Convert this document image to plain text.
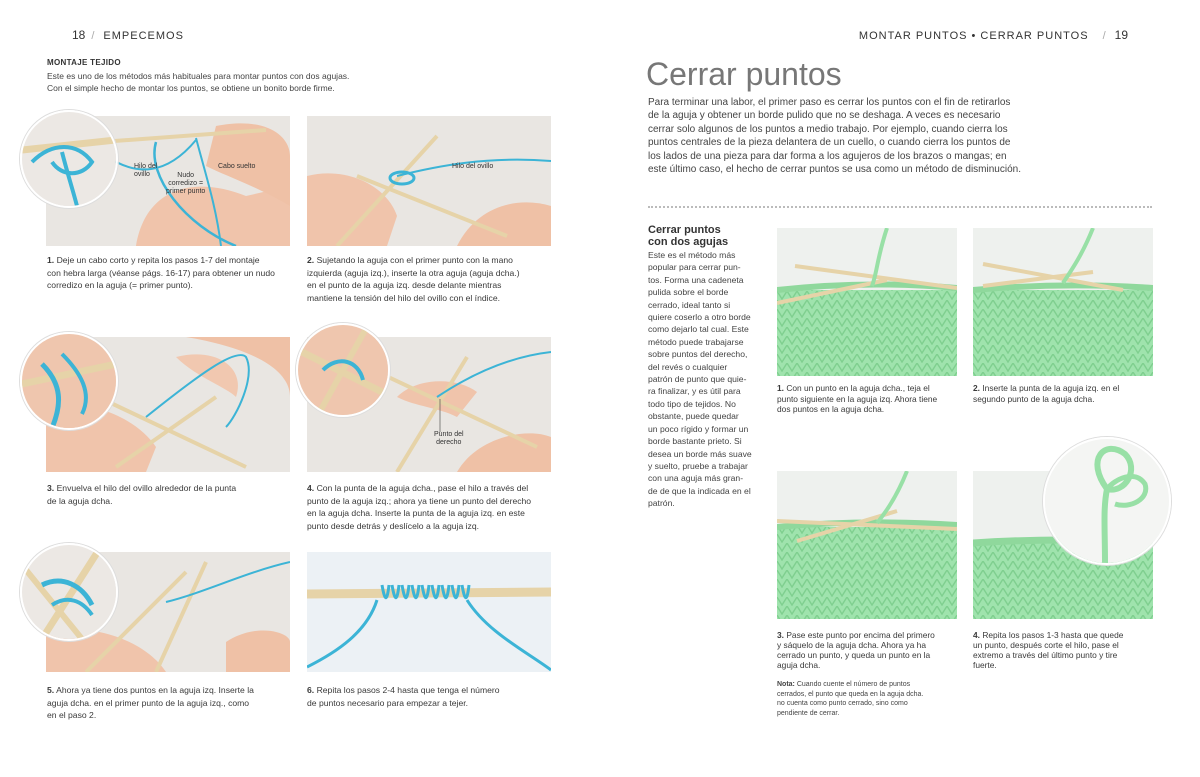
18 / EMPECEMOS
MONTAJE TEJIDO
Este es uno de los métodos más habituales para montar puntos con dos agujas.
Con el simple hecho de montar los puntos, se obtiene un bonito borde firme.
Hilo del
ovillo	Nudo
corredizo =
primer punto
Cabo suelto
1. Deje un cabo corto y repita los pasos 1-7 del montaje
con hebra larga (véanse págs. 16-17) para obtener un nudo
corredizo en la aguja (= primer punto).
Hilo del ovillo
2. Sujetando la aguja con el primer punto con la mano
izquierda (aguja izq.), inserte la otra aguja (aguja dcha.)
en el punto de la aguja izq. desde delante mientras
mantiene la tensión del hilo del ovillo con el índice.
3. Envuelva el hilo del ovillo alrededor de la punta
de la aguja dcha.
Punto del
derecho
4. Con la punta de la aguja dcha., pase el hilo a través del
punto de la aguja izq.; ahora ya tiene un punto del derecho
en la aguja dcha. Inserte la punta de la aguja izq. en este
punto desde detrás y deslícelo a la aguja izq.
5. Ahora ya tiene dos puntos en la aguja izq. Inserte la
aguja dcha. en el primer punto de la aguja izq., como
en el paso 2.
6. Repita los pasos 2-4 hasta que tenga el número
de puntos necesario para empezar a tejer.
MONTAR PUNTOS • CERRAR PUNTOS / 19
Cerrar puntos
Para terminar una labor, el primer paso es cerrar los puntos con el fin de retirarlos
de la aguja y obtener un borde pulido que no se deshaga. A veces es necesario
cerrar solo algunos de los puntos a medio trabajo. Por ejemplo, cuando cierra los
puntos centrales de la pieza delantera de un cuello, o cuando cierra los puntos de
los lados de una pieza para dar forma a los agujeros de los brazos o mangas; en
este último caso, el hecho de cerrar puntos se usa como un método de disminución.
Cerrar puntos
con dos agujas
Este es el método más
popular para cerrar pun-
tos. Forma una cadeneta
pulida sobre el borde
cerrado, ideal tanto si
quiere coserlo a otro borde
como dejarlo tal cual. Este
método puede trabajarse
sobre puntos del derecho,
del revés o cualquier
patrón de punto que quie-
ra finalizar, y es útil para
todo tipo de tejidos. No
obstante, puede quedar
un poco rígido y formar un
borde bastante prieto. Si
desea un borde más suave
y suelto, pruebe a trabajar
con una aguja más gran-
de de que la indicada en el
patrón.
1. Con un punto en la aguja dcha., teja el
punto siguiente en la aguja izq. Ahora tiene
dos puntos en la aguja dcha.
2. Inserte la punta de la aguja izq. en el
segundo punto de la aguja dcha.
3. Pase este punto por encima del primero
y sáquelo de la aguja dcha. Ahora ya ha
cerrado un punto, y queda un punto en la
aguja dcha.
4. Repita los pasos 1-3 hasta que quede
un punto, después corte el hilo, pase el
extremo a través del último punto y tire
fuerte.
Nota: Cuando cuente el número de puntos
cerrados, el punto que queda en la aguja dcha.
no cuenta como punto cerrado, sino como
pendiente de cerrar.
